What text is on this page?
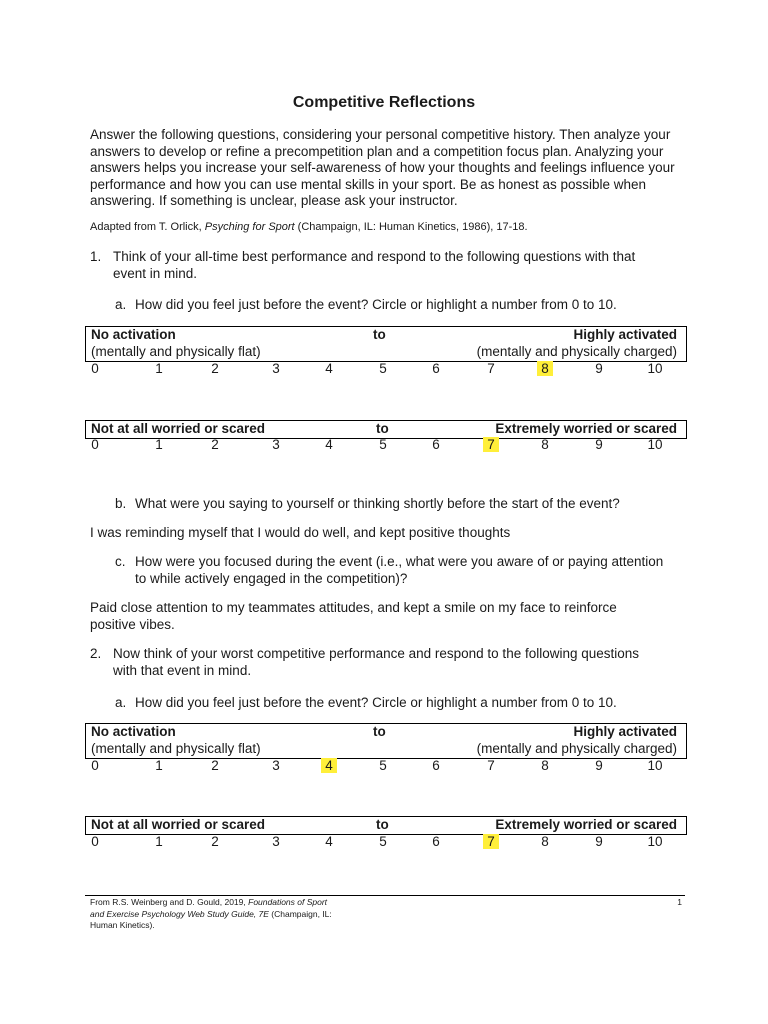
Competitive Reflections
Answer the following questions, considering your personal competitive history. Then analyze your answers to develop or refine a precompetition plan and a competition focus plan. Analyzing your answers helps you increase your self-awareness of how your thoughts and feelings influence your performance and how you can use mental skills in your sport. Be as honest as possible when answering. If something is unclear, please ask your instructor.
Adapted from T. Orlick, Psyching for Sport (Champaign, IL: Human Kinetics, 1986), 17-18.
1. Think of your all-time best performance and respond to the following questions with that
event in mind.
a. How did you feel just before the event? Circle or highlight a number from 0 to 10.
No activation	to	Highly activated
(mentally and physically flat)	(mentally and physically charged)
0	1	2	3	4	5	6	7	8	9	10
Not at all worried or scared	to	Extremely worried or scared
0	1	2	3	4	5	6	7	8	9	10
b. What were you saying to yourself or thinking shortly before the start of the event?
I was reminding myself that I would do well, and kept positive thoughts
c. How were you focused during the event (i.e., what were you aware of or paying attention
to while actively engaged in the competition)?
Paid close attention to my teammates attitudes, and kept a smile on my face to reinforce
positive vibes.
2. Now think of your worst competitive performance and respond to the following questions
with that event in mind.
a. How did you feel just before the event? Circle or highlight a number from 0 to 10.
No activation	to	Highly activated
(mentally and physically flat)	(mentally and physically charged)
0	1	2	3	4	5	6	7	8	9	10
Not at all worried or scared	to	Extremely worried or scared
0	1	2	3	4	5	6	7	8	9	10
From R.S. Weinberg and D. Gould, 2019, Foundations of Sport
and Exercise Psychology Web Study Guide, 7E (Champaign, IL:
Human Kinetics).
1
